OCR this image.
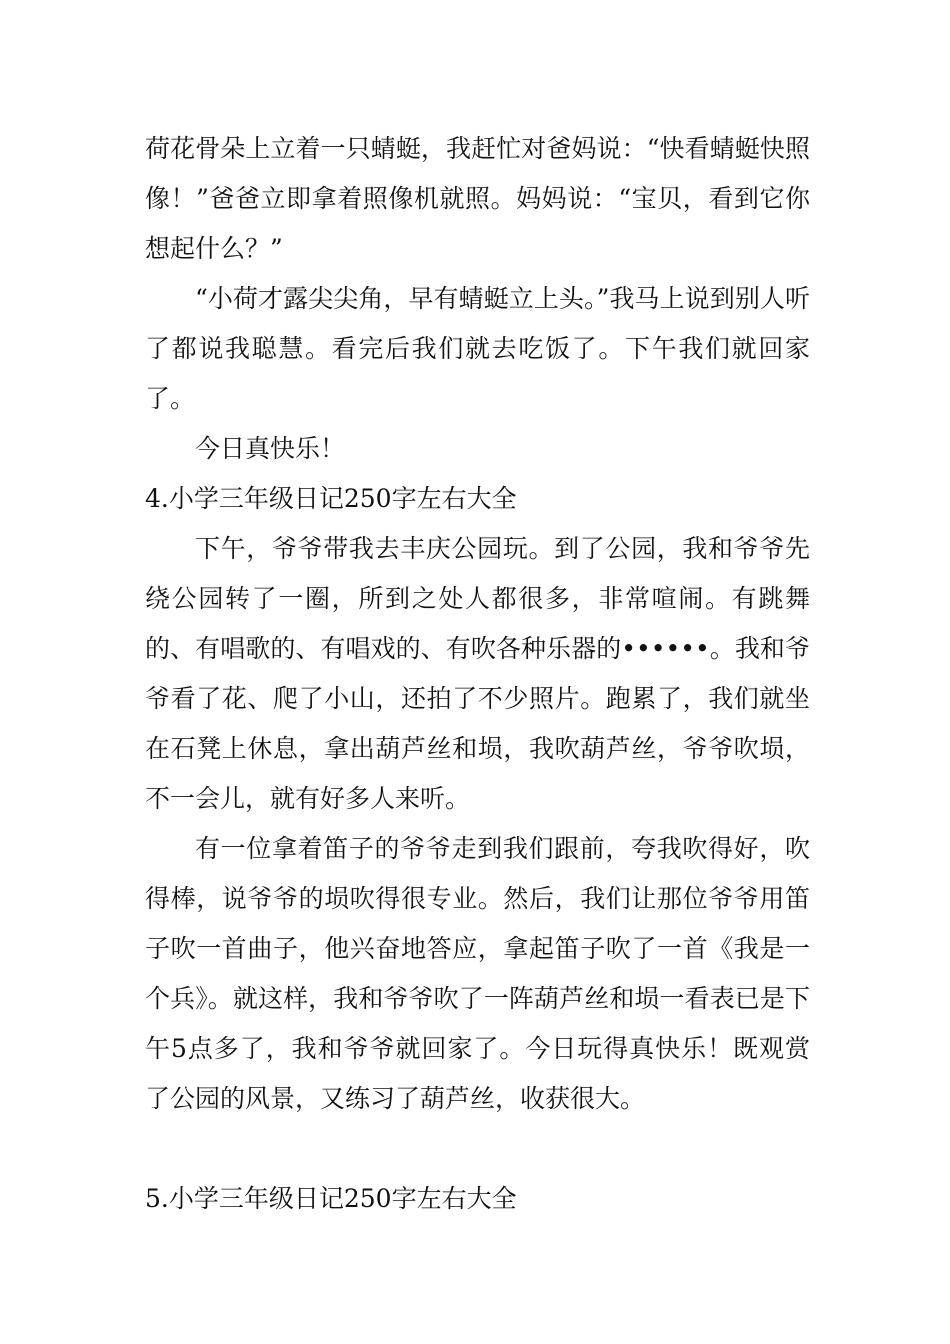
荷花骨朵上立着一只蜻蜓，我赶忙对爸妈说：“快看蜻蜓快照像！”爸爸立即拿着照像机就照。妈妈说：“宝贝，看到它你想起什么？”

“小荷才露尖尖角，早有蜻蜓立上头。”我马上说到别人听了都说我聪慧。看完后我们就去吃饭了。下午我们就回家了。

今日真快乐！

4.小学三年级日记250字左右大全

下午，爷爷带我去丰庆公园玩。到了公园，我和爷爷先绕公园转了一圈，所到之处人都很多，非常喧闹。有跳舞的、有唱歌的、有唱戏的、有吹各种乐器的••••••。我和爷爷看了花、爬了小山，还拍了不少照片。跑累了，我们就坐在石凳上休息，拿出葫芦丝和埙，我吹葫芦丝，爷爷吹埙，不一会儿，就有好多人来听。

有一位拿着笛子的爷爷走到我们跟前，夸我吹得好，吹得棒，说爷爷的埙吹得很专业。然后，我们让那位爷爷用笛子吹一首曲子，他兴奋地答应，拿起笛子吹了一首《我是一个兵》。就这样，我和爷爷吹了一阵葫芦丝和埙一看表已是下午5点多了，我和爷爷就回家了。今日玩得真快乐！既观赏了公园的风景，又练习了葫芦丝，收获很大。

5.小学三年级日记250字左右大全
